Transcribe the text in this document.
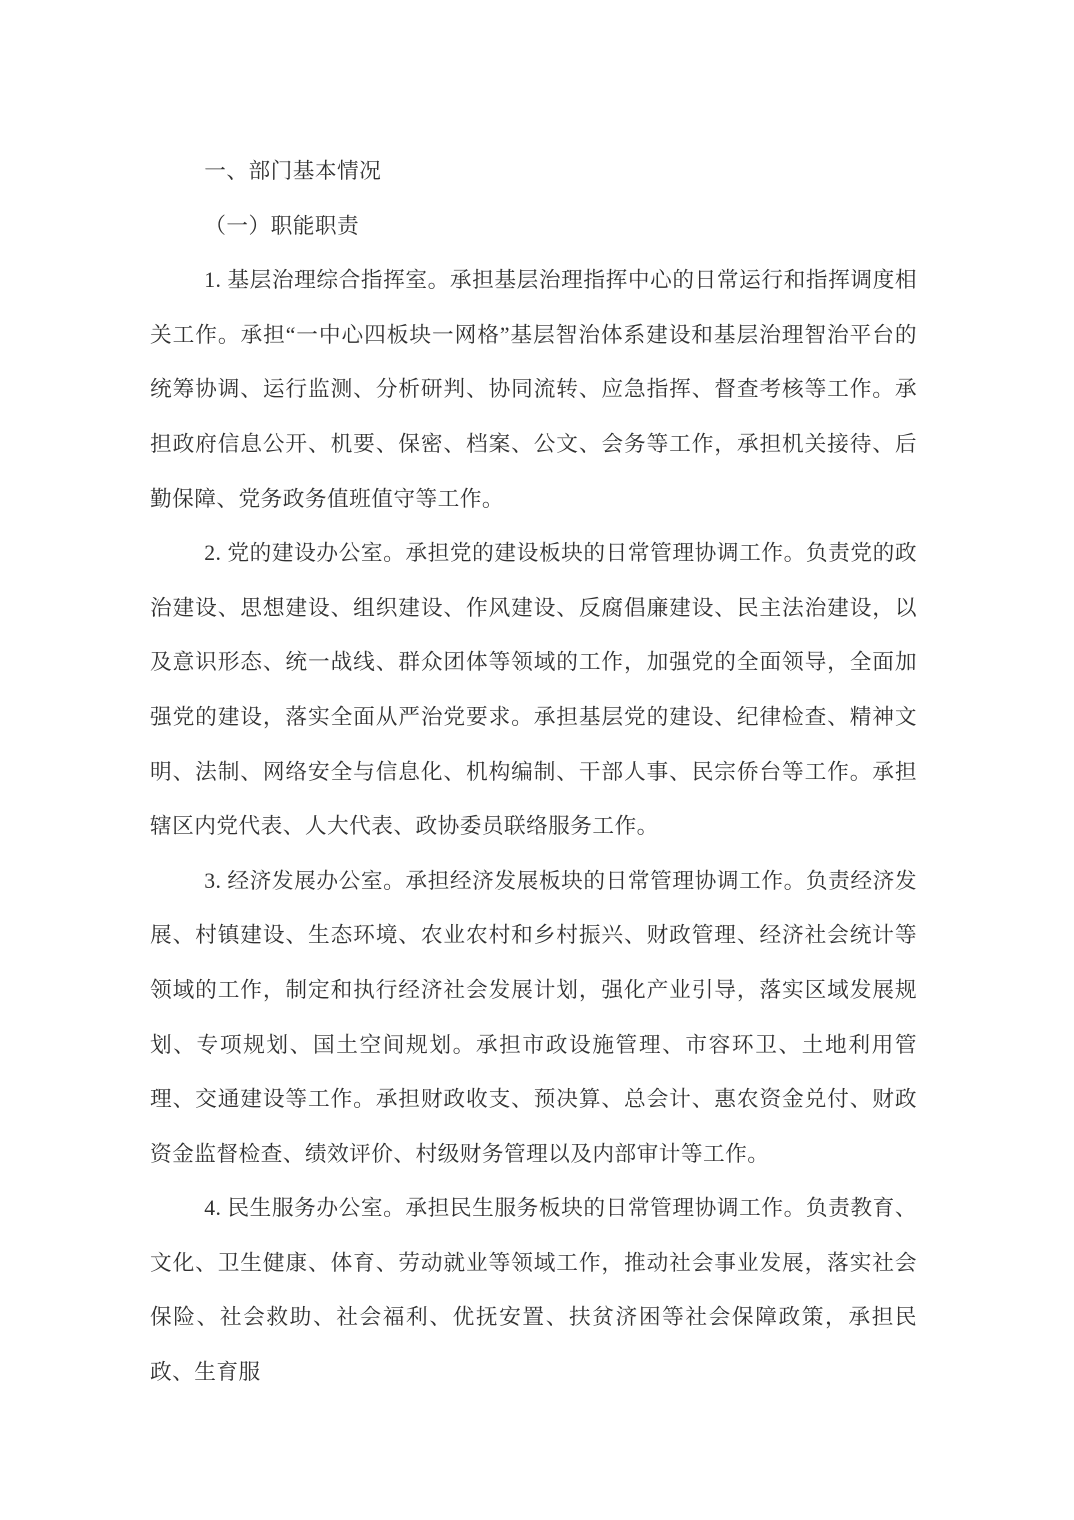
一、部门基本情况
（一）职能职责

1. 基层治理综合指挥室。承担基层治理指挥中心的日常运行和指挥调度相关工作。承担“一中心四板块一网格”基层智治体系建设和基层治理智治平台的统筹协调、运行监测、分析研判、协同流转、应急指挥、督查考核等工作。承担政府信息公开、机要、保密、档案、公文、会务等工作，承担机关接待、后勤保障、党务政务值班值守等工作。

2. 党的建设办公室。承担党的建设板块的日常管理协调工作。负责党的政治建设、思想建设、组织建设、作风建设、反腐倡廉建设、民主法治建设，以及意识形态、统一战线、群众团体等领域的工作，加强党的全面领导，全面加强党的建设，落实全面从严治党要求。承担基层党的建设、纪律检查、精神文明、法制、网络安全与信息化、机构编制、干部人事、民宗侨台等工作。承担辖区内党代表、人大代表、政协委员联络服务工作。

3. 经济发展办公室。承担经济发展板块的日常管理协调工作。负责经济发展、村镇建设、生态环境、农业农村和乡村振兴、财政管理、经济社会统计等领域的工作，制定和执行经济社会发展计划，强化产业引导，落实区域发展规划、专项规划、国土空间规划。承担市政设施管理、市容环卫、土地利用管理、交通建设等工作。承担财政收支、预决算、总会计、惠农资金兑付、财政资金监督检查、绩效评价、村级财务管理以及内部审计等工作。

4. 民生服务办公室。承担民生服务板块的日常管理协调工作。负责教育、文化、卫生健康、体育、劳动就业等领域工作，推动社会事业发展，落实社会保险、社会救助、社会福利、优抚安置、扶贫济困等社会保障政策，承担民政、生育服
